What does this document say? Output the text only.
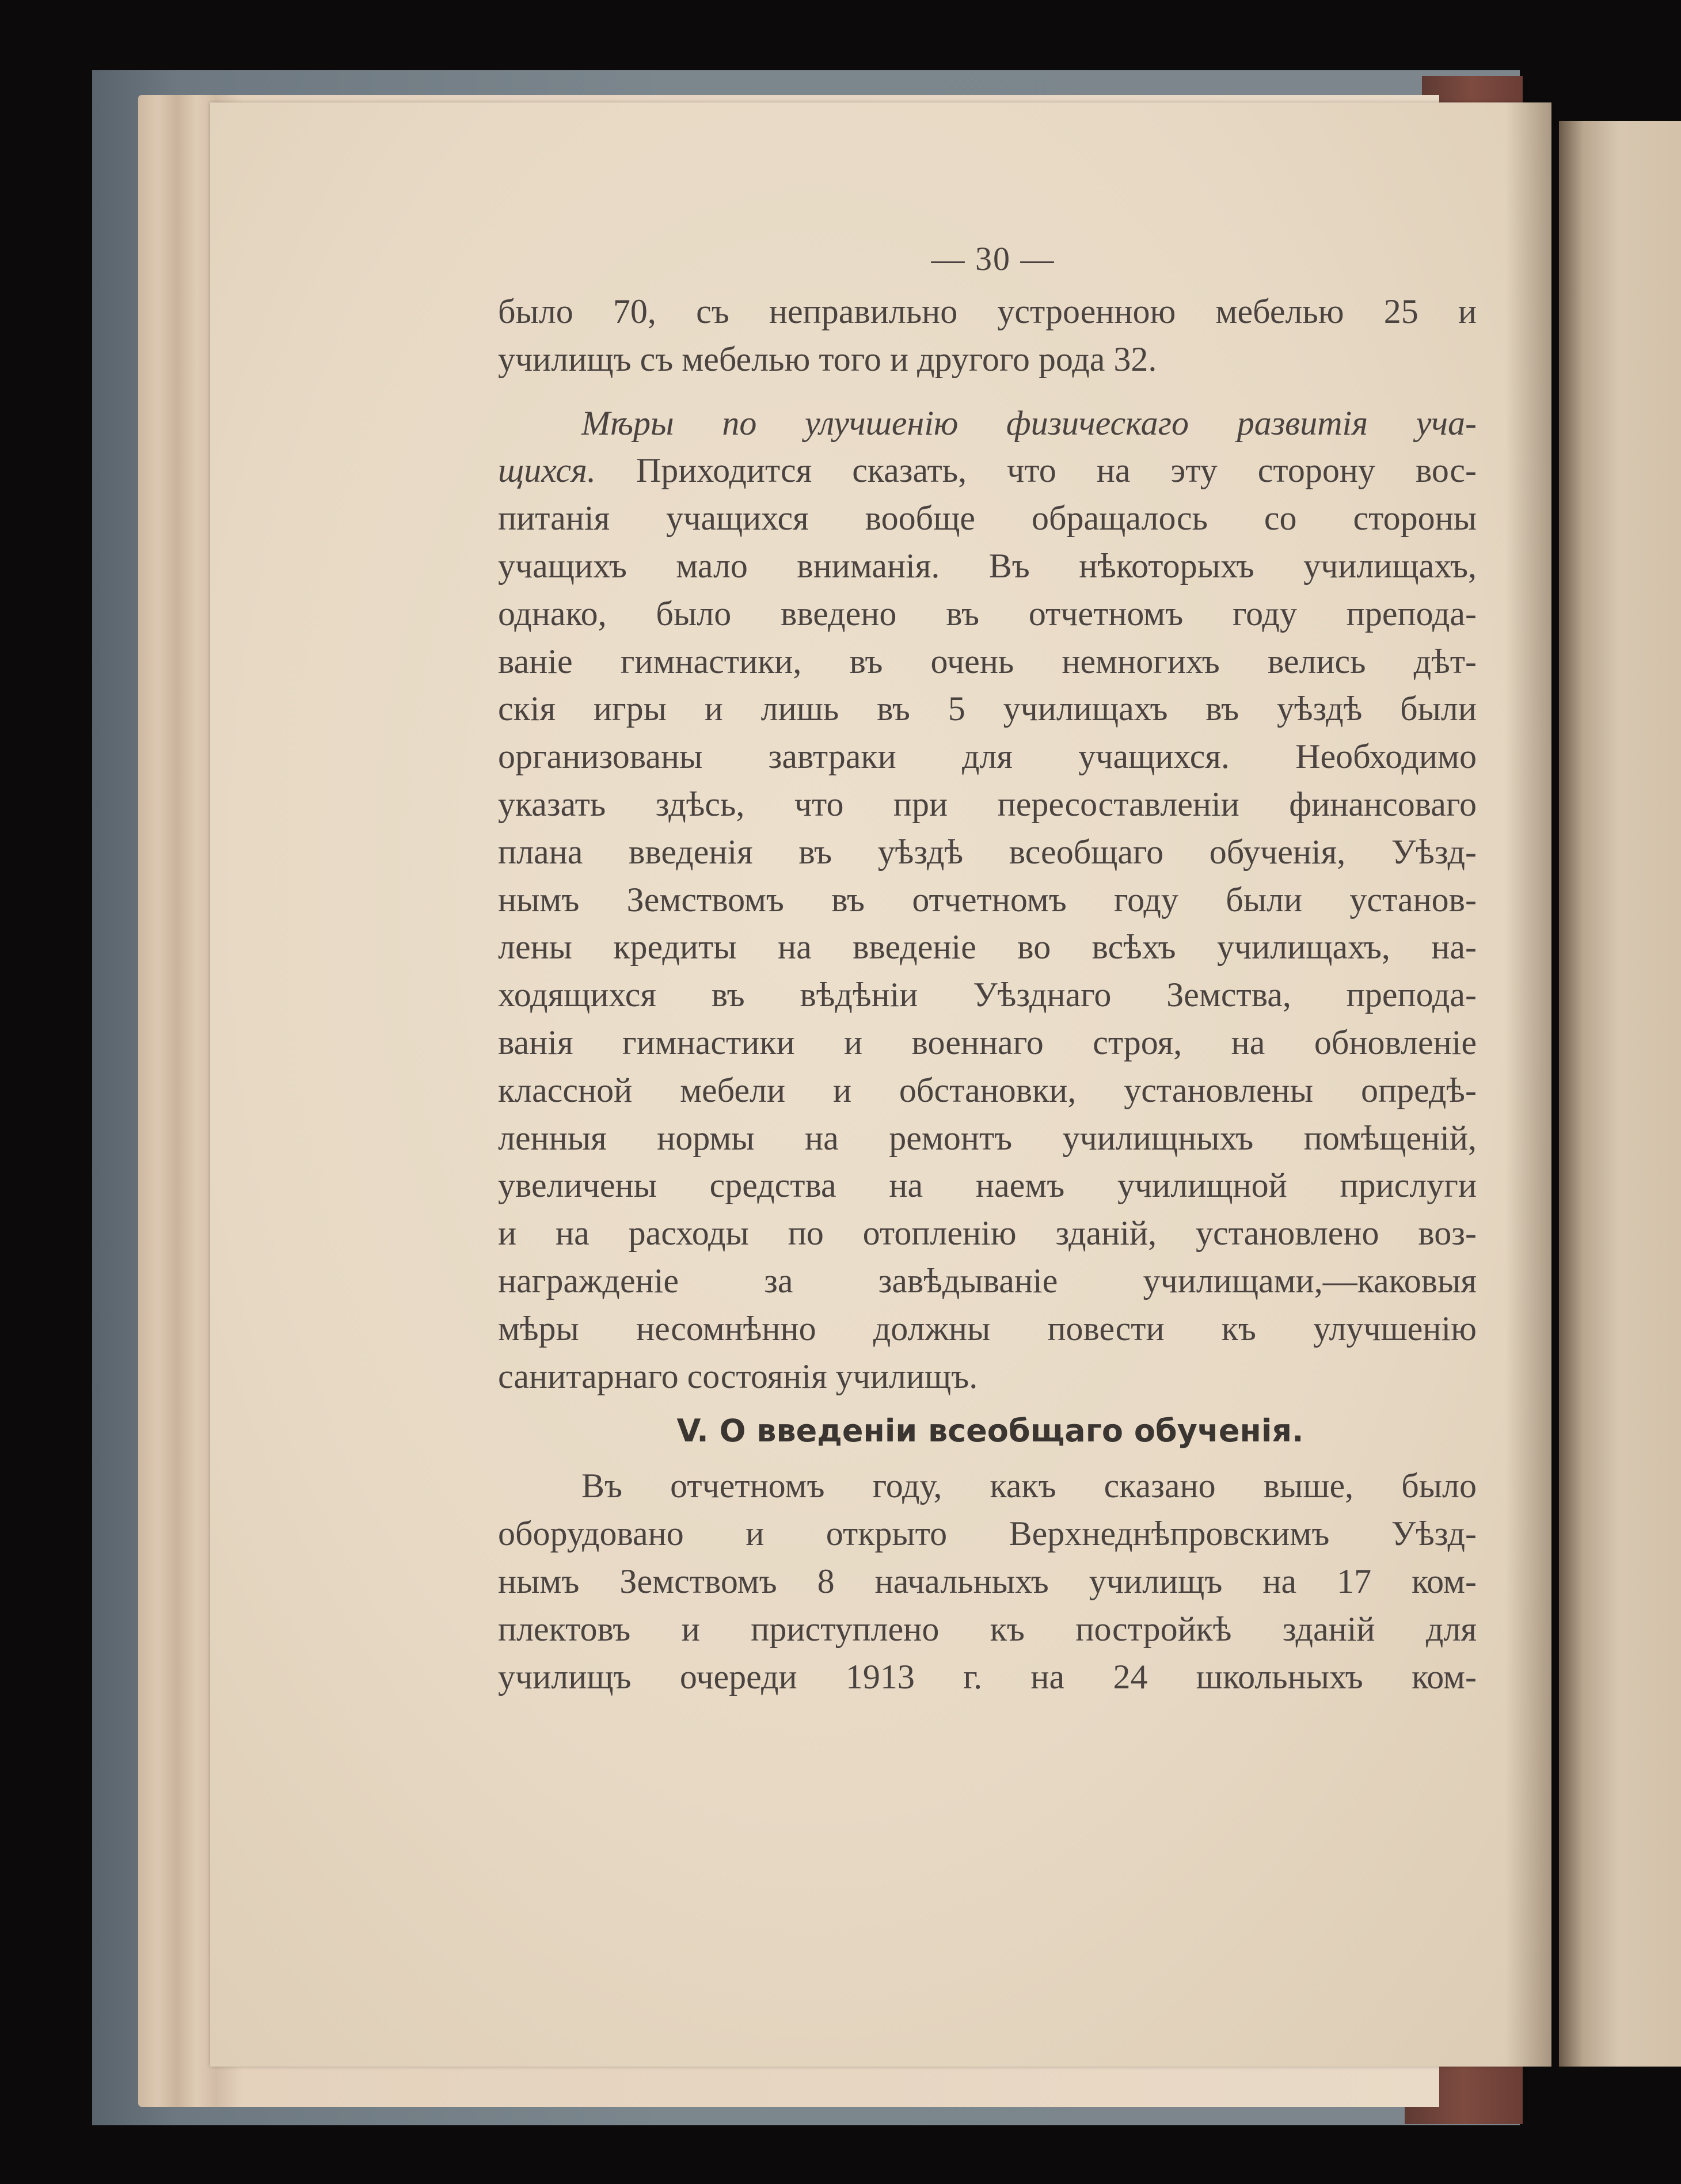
— 30 —
было 70, съ неправильно устроенною мебелью 25 и
училищъ съ мебелью того и другого рода 32.
Мѣры по улучшенію физическаго развитія уча-
щихся. Приходится сказать, что на эту сторону вос-
питанія учащихся вообще обращалось со стороны
учащихъ мало вниманія. Въ нѣкоторыхъ училищахъ,
однако, было введено въ отчетномъ году препода-
ваніе гимнастики, въ очень немногихъ велись дѣт-
скія игры и лишь въ 5 училищахъ въ уѣздѣ были
организованы завтраки для учащихся. Необходимо
указать здѣсь, что при пересоставленіи финансоваго
плана введенія въ уѣздѣ всеобщаго обученія, Уѣзд-
нымъ Земствомъ въ отчетномъ году были установ-
лены кредиты на введеніе во всѣхъ училищахъ, на-
ходящихся въ вѣдѣніи Уѣзднаго Земства, препода-
ванія гимнастики и военнаго строя, на обновленіе
классной мебели и обстановки, установлены опредѣ-
ленныя нормы на ремонтъ училищныхъ помѣщеній,
увеличены средства на наемъ училищной прислуги
и на расходы по отопленію зданій, установлено воз-
награжденіе за завѣдываніе училищами,—каковыя
мѣры несомнѣнно должны повести къ улучшенію
санитарнаго состоянія училищъ.
V. О введеніи всеобщаго обученія.
Въ отчетномъ году, какъ сказано выше, было
оборудовано и открыто Верхнеднѣпровскимъ Уѣзд-
нымъ Земствомъ 8 начальныхъ училищъ на 17 ком-
плектовъ и приступлено къ постройкѣ зданій для
училищъ очереди 1913 г. на 24 школьныхъ ком-
